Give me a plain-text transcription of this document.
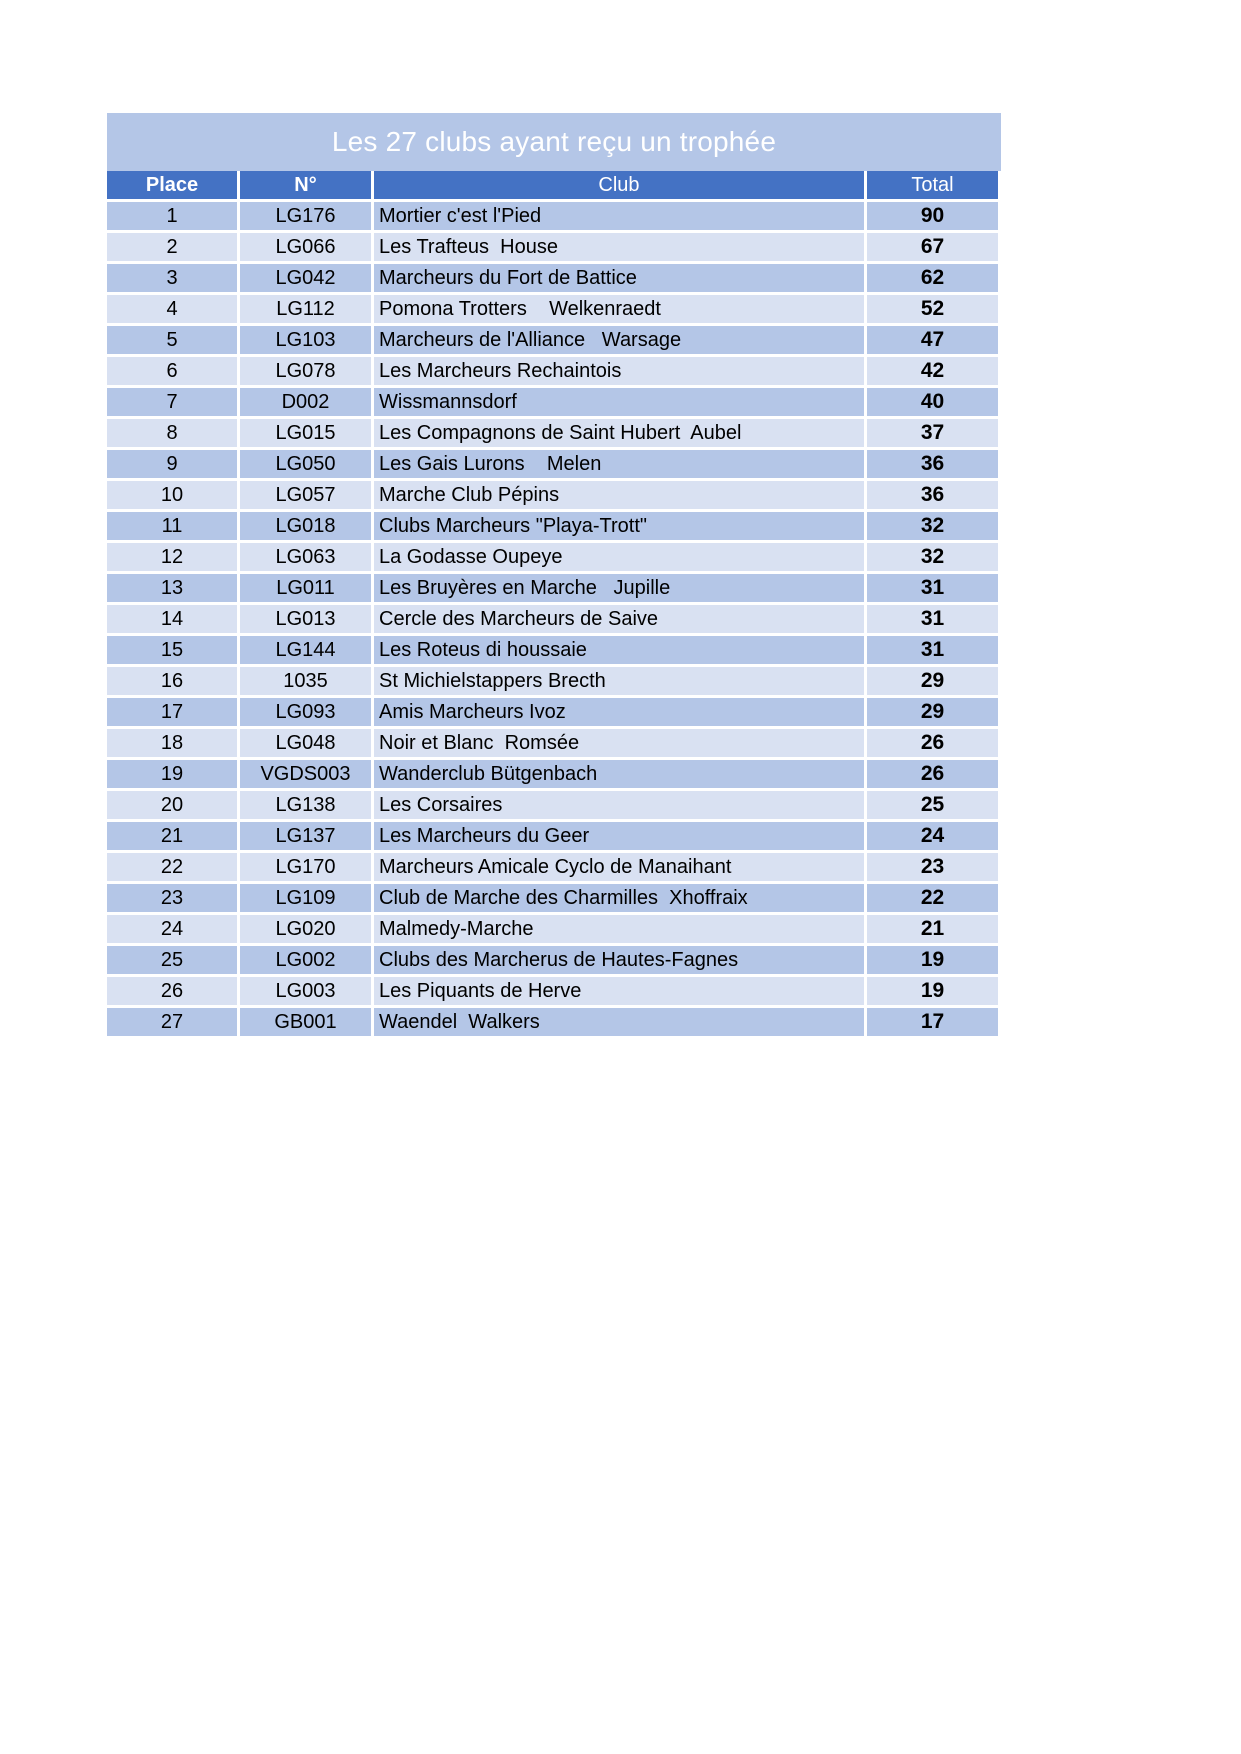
Les 27 clubs ayant reçu un trophée
Place	N°	Club	Total
1	LG176	Mortier c'est l'Pied	90
2	LG066	Les Trafteus  House	67
3	LG042	Marcheurs du Fort de Battice	62
4	LG112	Pomona Trotters    Welkenraedt	52
5	LG103	Marcheurs de l'Alliance   Warsage	47
6	LG078	Les Marcheurs Rechaintois	42
7	D002	Wissmannsdorf	40
8	LG015	Les Compagnons de Saint Hubert  Aubel	37
9	LG050	Les Gais Lurons    Melen	36
10	LG057	Marche Club Pépins	36
11	LG018	Clubs Marcheurs "Playa-Trott"	32
12	LG063	La Godasse Oupeye	32
13	LG011	Les Bruyères en Marche   Jupille	31
14	LG013	Cercle des Marcheurs de Saive	31
15	LG144	Les Roteus di houssaie	31
16	1035	St Michielstappers Brecth	29
17	LG093	Amis Marcheurs Ivoz	29
18	LG048	Noir et Blanc  Romsée	26
19	VGDS003	Wanderclub Bütgenbach	26
20	LG138	Les Corsaires	25
21	LG137	Les Marcheurs du Geer	24
22	LG170	Marcheurs Amicale Cyclo de Manaihant	23
23	LG109	Club de Marche des Charmilles  Xhoffraix	22
24	LG020	Malmedy-Marche	21
25	LG002	Clubs des Marcherus de Hautes-Fagnes	19
26	LG003	Les Piquants de Herve	19
27	GB001	Waendel  Walkers	17
